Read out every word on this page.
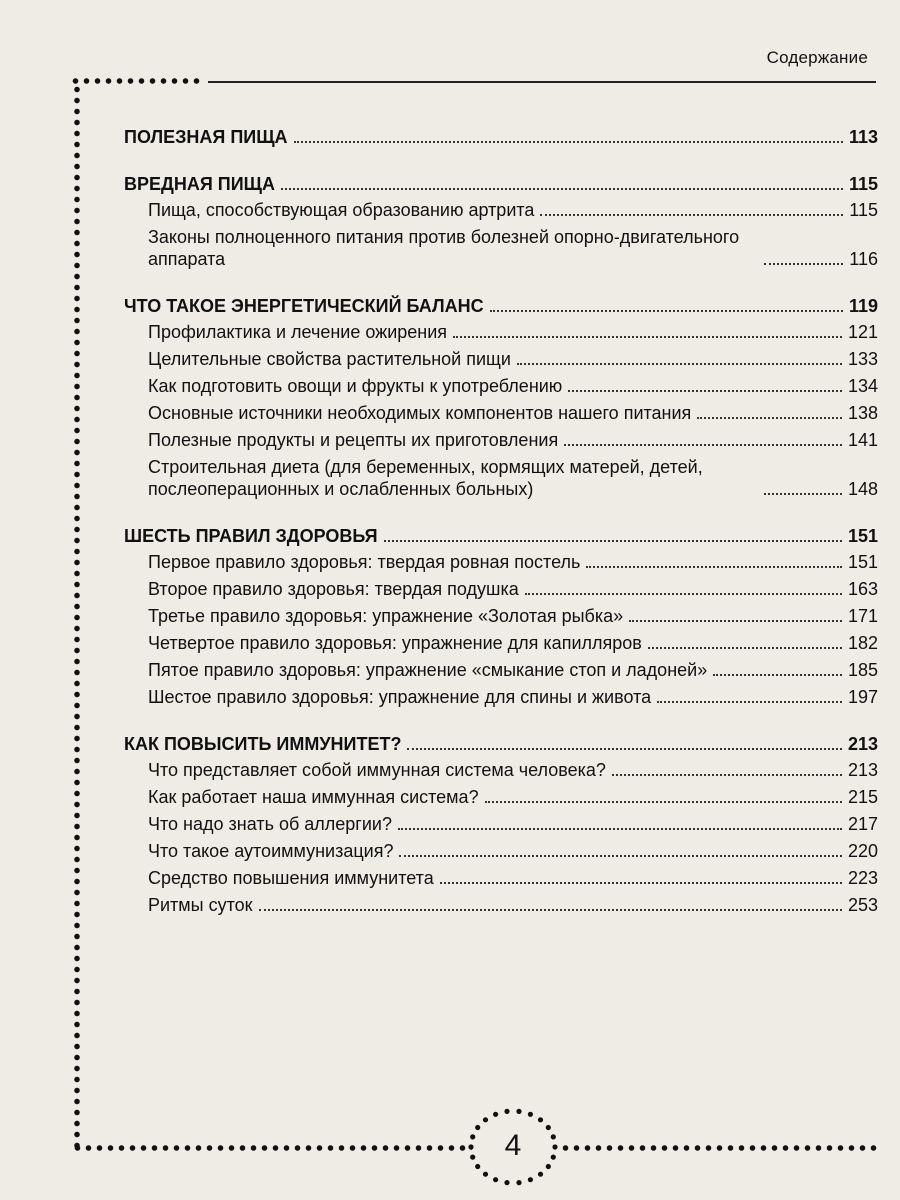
Содержание
ПОЛЕЗНАЯ ПИЩА	113
ВРЕДНАЯ ПИЩА	115
Пища, способствующая образованию артрита	115
Законы полноценного питания против болезней опорно-двигательного аппарата	116
ЧТО ТАКОЕ ЭНЕРГЕТИЧЕСКИЙ БАЛАНС	119
Профилактика и лечение ожирения	121
Целительные свойства растительной пищи	133
Как подготовить овощи и фрукты к употреблению	134
Основные источники необходимых компонентов нашего питания	138
Полезные продукты и рецепты их приготовления	141
Строительная диета (для беременных, кормящих матерей, детей, послеоперационных и ослабленных больных)	148
ШЕСТЬ ПРАВИЛ ЗДОРОВЬЯ	151
Первое правило здоровья: твердая ровная постель	151
Второе правило здоровья: твердая подушка	163
Третье правило здоровья: упражнение «Золотая рыбка»	171
Четвертое правило здоровья: упражнение для капилляров	182
Пятое правило здоровья: упражнение «смыкание стоп и ладоней»	185
Шестое правило здоровья: упражнение для спины и живота	197
КАК ПОВЫСИТЬ ИММУНИТЕТ?	213
Что представляет собой иммунная система человека?	213
Как работает наша иммунная система?	215
Что надо знать об аллергии?	217
Что такое аутоиммунизация?	220
Средство повышения иммунитета	223
Ритмы суток	253
4
